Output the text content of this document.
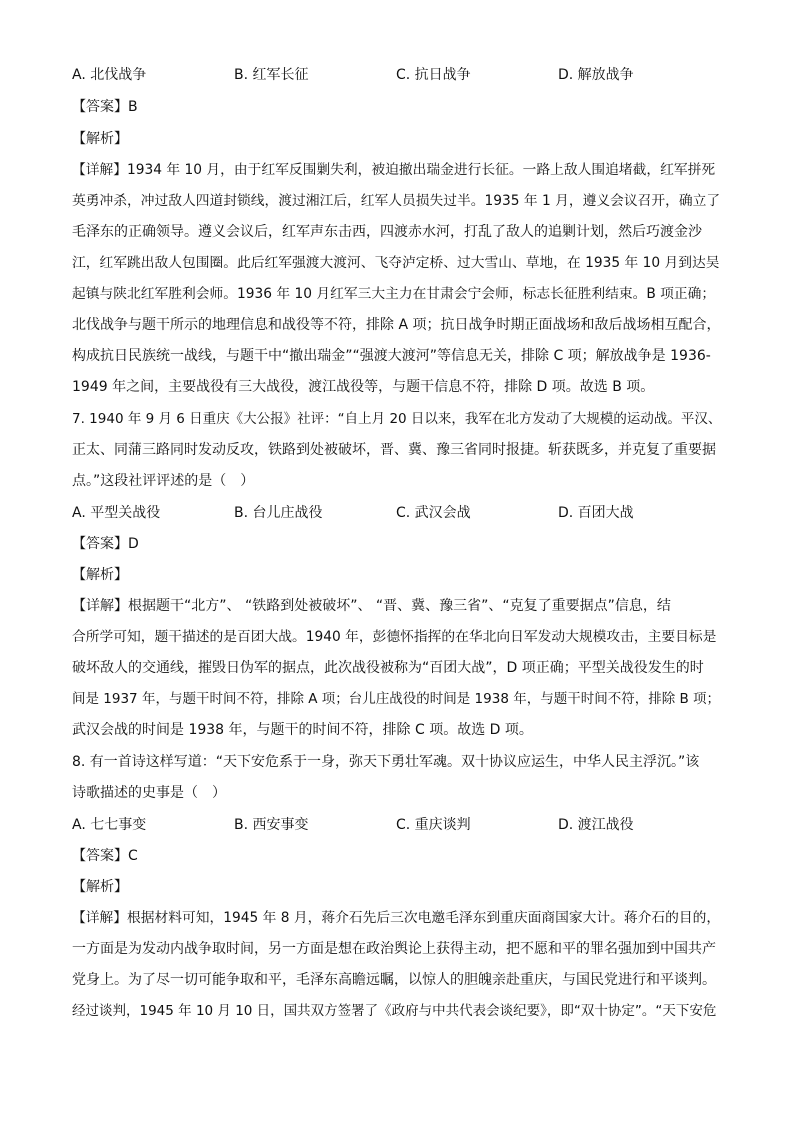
A. 北伐战争	B. 红军长征	C. 抗日战争	D. 解放战争
【答案】B
【解析】
【详解】1934 年 10 月，由于红军反围剿失利，被迫撤出瑞金进行长征。一路上敌人围追堵截，红军拼死
英勇冲杀，冲过敌人四道封锁线，渡过湘江后，红军人员损失过半。1935 年 1 月，遵义会议召开，确立了
毛泽东的正确领导。遵义会议后，红军声东击西，四渡赤水河，打乱了敌人的追剿计划，然后巧渡金沙
江，红军跳出敌人包围圈。此后红军强渡大渡河、飞夺泸定桥、过大雪山、草地，在 1935 年 10 月到达吴
起镇与陕北红军胜利会师。1936 年 10 月红军三大主力在甘肃会宁会师，标志长征胜利结束。B 项正确；
北伐战争与题干所示的地理信息和战役等不符，排除 A 项；抗日战争时期正面战场和敌后战场相互配合，
构成抗日民族统一战线，与题干中“撤出瑞金”“强渡大渡河”等信息无关，排除 C 项；解放战争是 1936-
1949 年之间，主要战役有三大战役，渡江战役等，与题干信息不符，排除 D 项。故选 B 项。
7. 1940 年 9 月 6 日重庆《大公报》社评：“自上月 20 日以来，我军在北方发动了大规模的运动战。平汉、
正太、同蒲三路同时发动反攻，铁路到处被破坏，晋、冀、豫三省同时报捷。斩获既多，并克复了重要据
点。”这段社评评述的是（　）
A. 平型关战役	B. 台儿庄战役	C. 武汉会战	D. 百团大战
【答案】D
【解析】
【详解】根据题干“北方”、 “铁路到处被破坏”、 “晋、冀、豫三省”、“克复了重要据点”信息，结
合所学可知，题干描述的是百团大战。1940 年，彭德怀指挥的在华北向日军发动大规模攻击，主要目标是
破坏敌人的交通线，摧毁日伪军的据点，此次战役被称为“百团大战”，D 项正确；平型关战役发生的时
间是 1937 年，与题干时间不符，排除 A 项；台儿庄战役的时间是 1938 年，与题干时间不符，排除 B 项；
武汉会战的时间是 1938 年，与题干的时间不符，排除 C 项。故选 D 项。
8. 有一首诗这样写道：“天下安危系于一身，弥天下勇壮军魂。双十协议应运生，中华人民主浮沉。”该
诗歌描述的史事是（　）
A. 七七事变	B. 西安事变	C. 重庆谈判	D. 渡江战役
【答案】C
【解析】
【详解】根据材料可知，1945 年 8 月，蒋介石先后三次电邀毛泽东到重庆面商国家大计。蒋介石的目的，
一方面是为发动内战争取时间，另一方面是想在政治舆论上获得主动，把不愿和平的罪名强加到中国共产
党身上。为了尽一切可能争取和平，毛泽东高瞻远瞩，以惊人的胆魄亲赴重庆，与国民党进行和平谈判。
经过谈判，1945 年 10 月 10 日，国共双方签署了《政府与中共代表会谈纪要》，即“双十协定”。“天下安危
